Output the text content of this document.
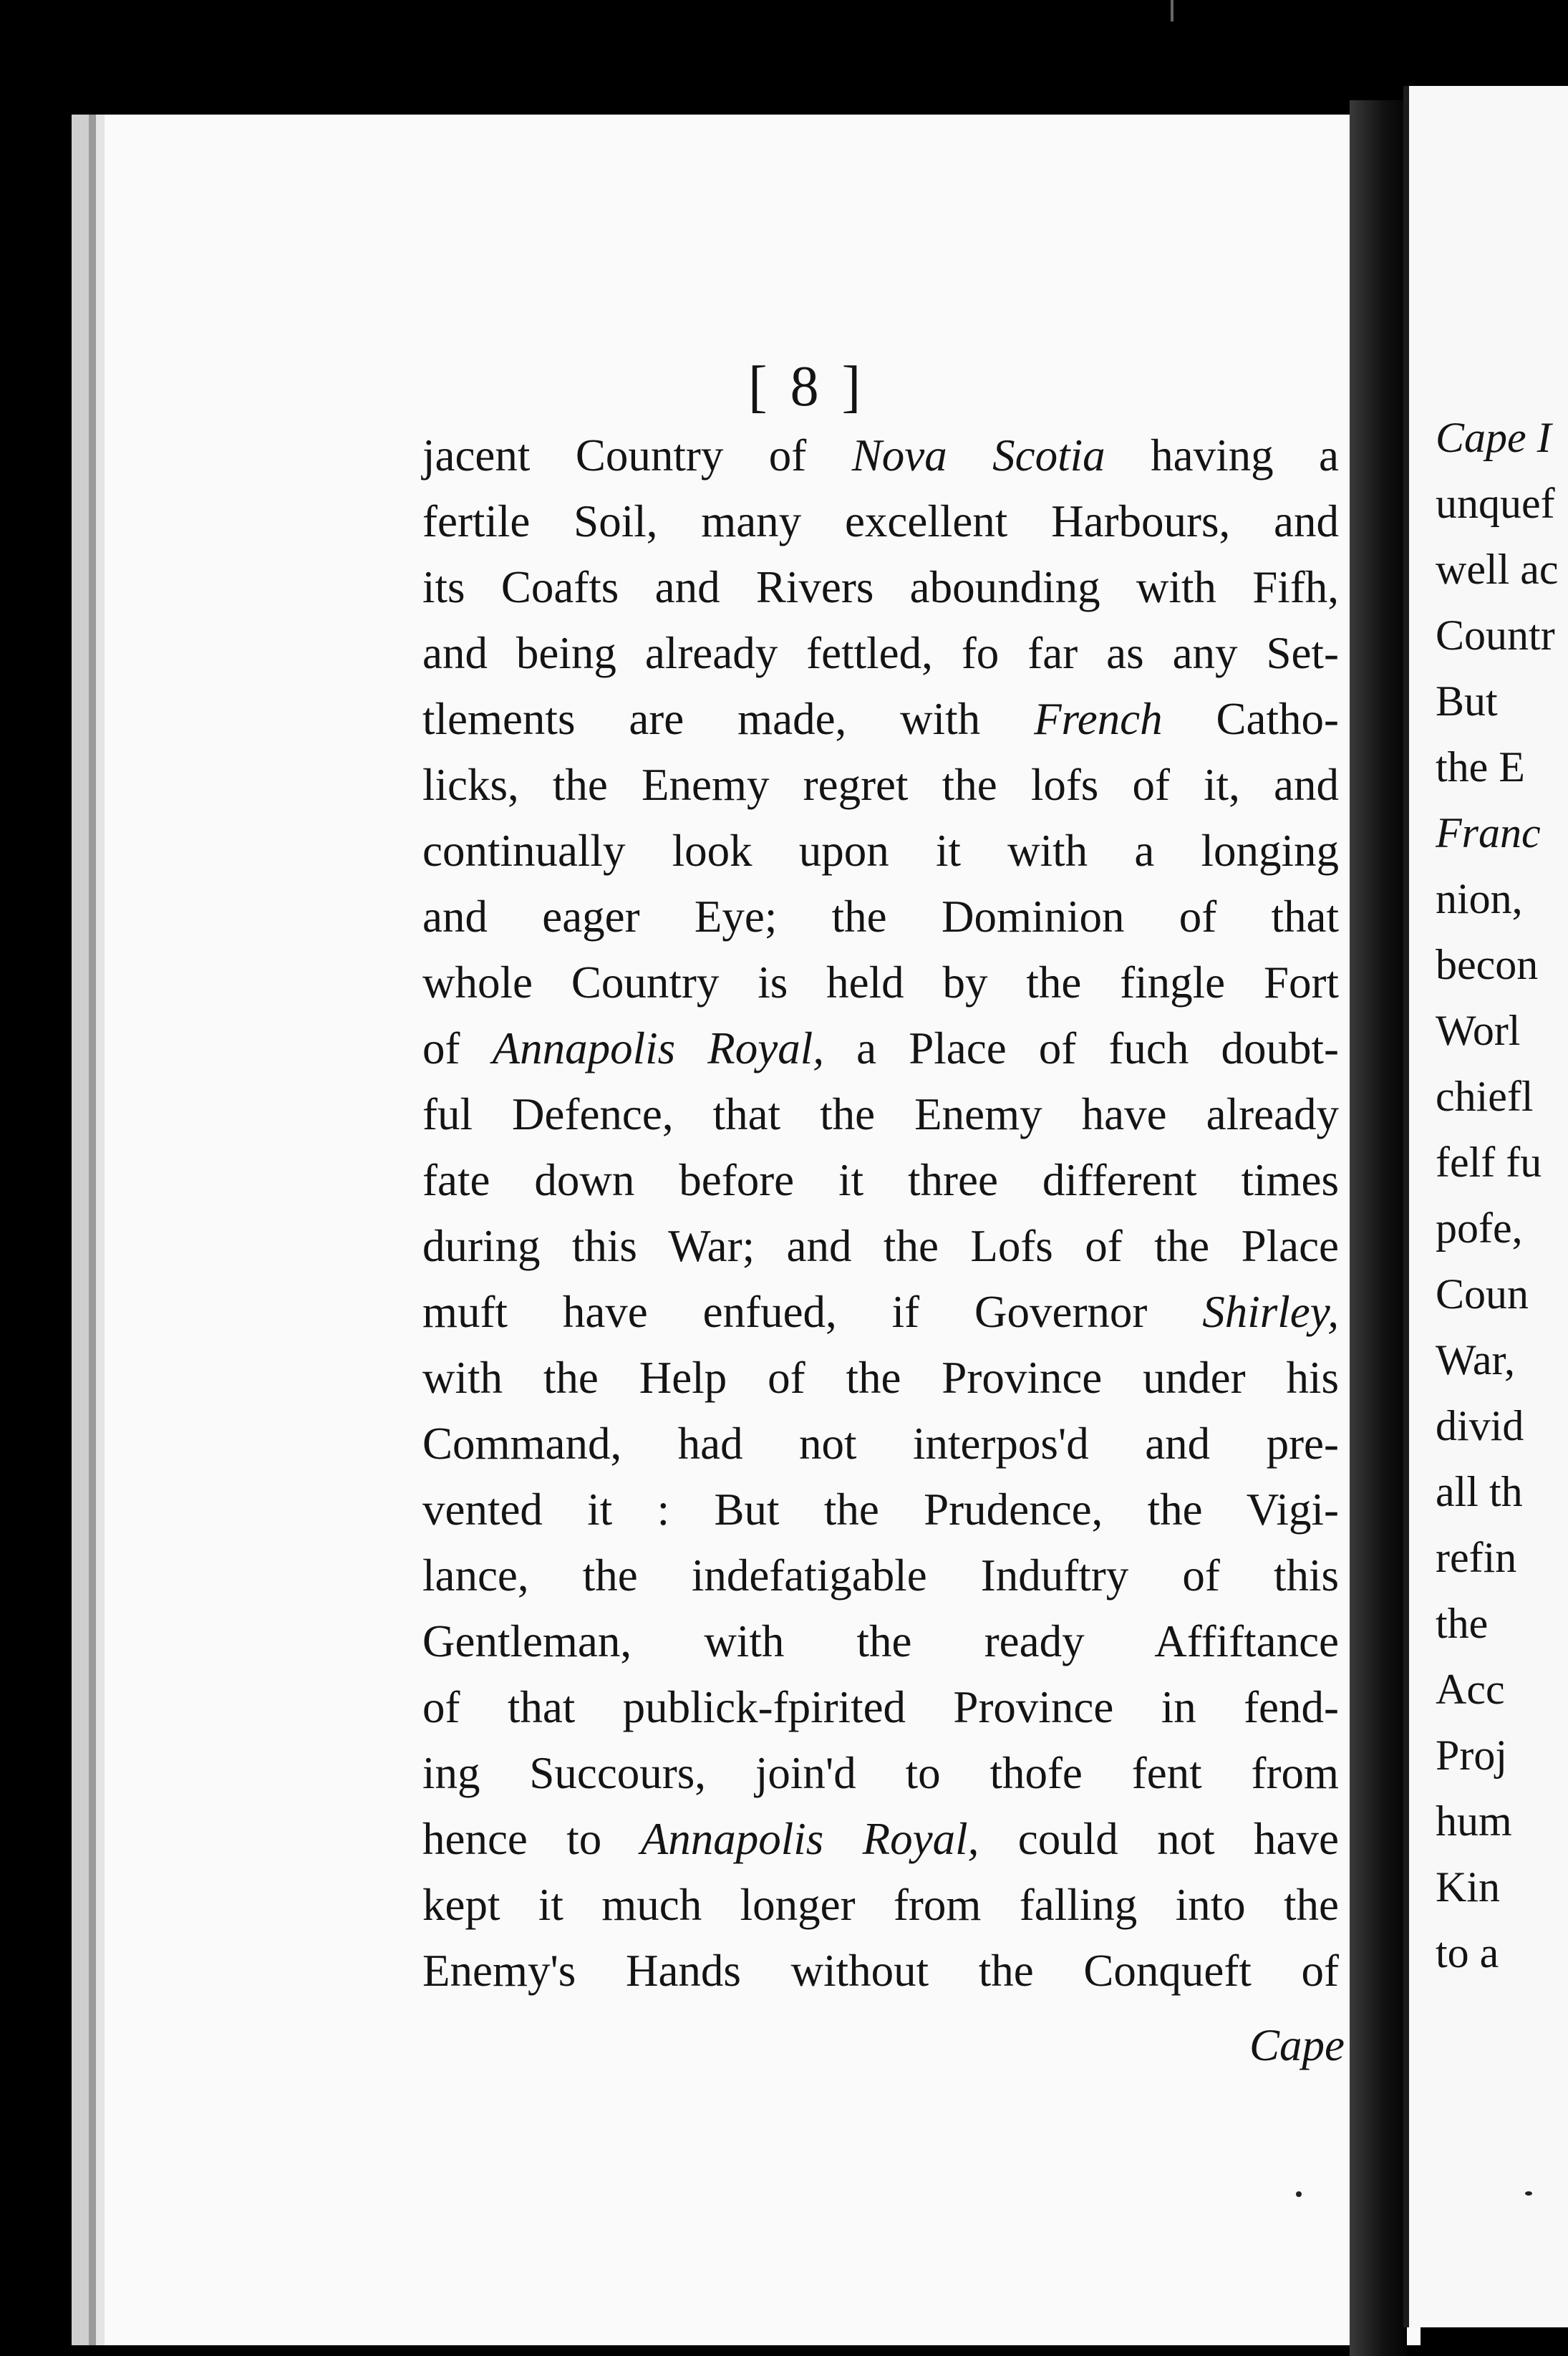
[ 8 ]
jacent Country of Nova Scotia having a
fertile Soil, many excellent Harbours, and
its Coafts and Rivers abounding with Fifh,
and being already fettled, fo far as any Set-
tlements are made, with French Catho-
licks, the Enemy regret the lofs of it, and
continually look upon it with a longing
and eager Eye; the Dominion of that
whole Country is held by the fingle Fort
of Annapolis Royal, a Place of fuch doubt-
ful Defence, that the Enemy have already
fate down before it three different times
during this War; and the Lofs of the Place
muft have enfued, if Governor Shirley,
with the Help of the Province under his
Command, had not interpos'd and pre-
vented it : But the Prudence, the Vigi-
lance, the indefatigable Induftry of this
Gentleman, with the ready Affiftance
of that publick-fpirited Province in fend-
ing Succours, join'd to thofe fent from
hence to Annapolis Royal, could not have
kept it much longer from falling into the
Enemy's Hands without the Conqueft of
Cape
Cape I
unquef
well ac
Countr
But
the E
Franc
nion,
becon
Worl
chiefl
felf fu
pofe,
Coun
War,
divid
all th
refin
the
Acc
Proj
hum
Kin
to a
